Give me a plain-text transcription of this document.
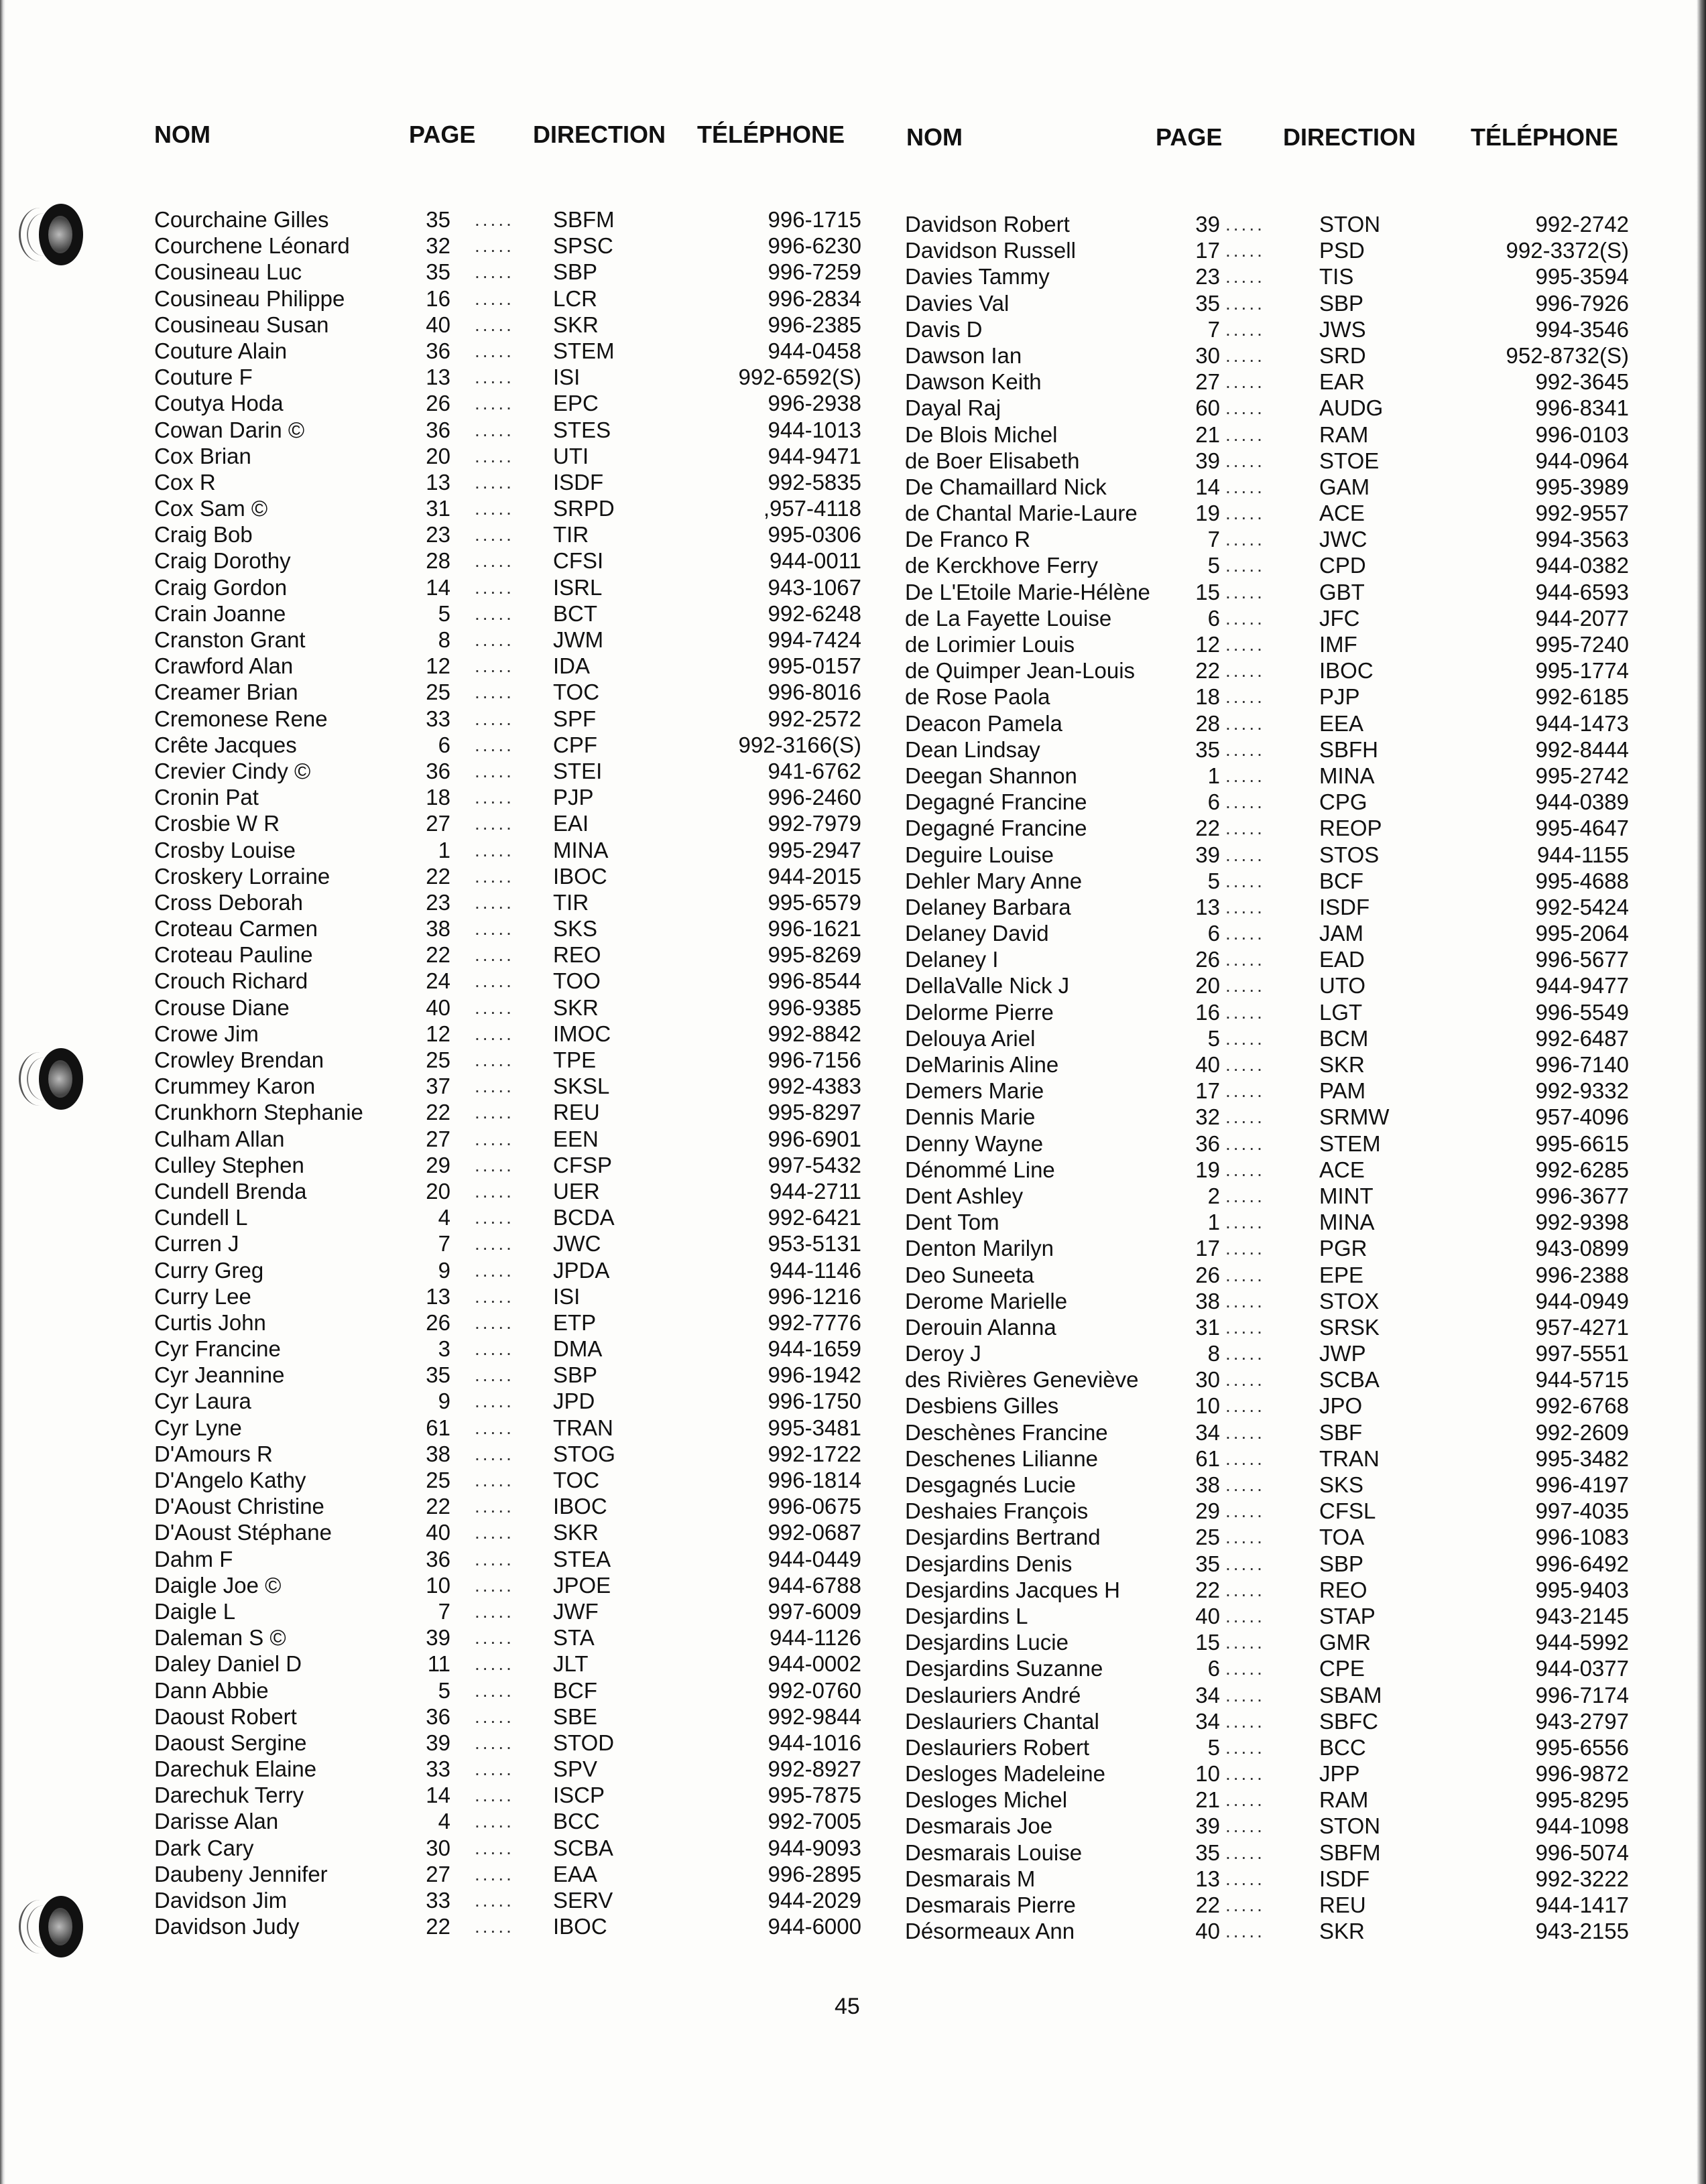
NOM	PAGE DIRECTION TÉLÉPHONE	NOM	PAGE	DIRECTION TÉLÉPHONE
Courchaine Gilles	35	SBFM	996-1715
.....
Courchene Léonard	32	SPSC	996-6230
.....
Cousineau Luc	35	SBP	996-7259
.....
Cousineau Philippe	16	LCR	996-2834
.....
Cousineau Susan	40	SKR	996-2385
.....
Couture Alain	36	STEM	944-0458
.....
Couture F	13	ISI	992-6592(S)
.....
Coutya Hoda	26	EPC	996-2938
.....
Cowan Darin ©	36	STES	944-1013
.....
Cox Brian	20	UTI	944-9471
.....
Cox R	13	ISDF	992-5835
.....
Cox Sam ©	31	SRPD	,957-4118
.....
Craig Bob	23	TIR	995-0306
.....
Craig Dorothy	28	CFSI	944-0011
.....
Craig Gordon	14	ISRL	943-1067
.....
Crain Joanne	5	BCT	992-6248
.....
Cranston Grant	8	JWM	994-7424
.....
Crawford Alan	12	IDA	995-0157
.....
Creamer Brian	25	TOC	996-8016
.....
Cremonese Rene	33	SPF	992-2572
.....
Crête Jacques	6	CPF	992-3166(S)
.....
Crevier Cindy ©	36	STEI	941-6762
.....
Cronin Pat	18	PJP	996-2460
.....
Crosbie W R	27	EAI	992-7979
.....
Crosby Louise	1	MINA	995-2947
.....
Croskery Lorraine	22	IBOC	944-2015
.....
Cross Deborah	23	TIR	995-6579
.....
Croteau Carmen	38	SKS	996-1621
.....
Croteau Pauline	22	REO	995-8269
.....
Crouch Richard	24	TOO	996-8544
.....
Crouse Diane	40	SKR	996-9385
.....
Crowe Jim	12	IMOC	992-8842
.....
Crowley Brendan	25	TPE	996-7156
.....
Crummey Karon	37	SKSL	992-4383
.....
Crunkhorn Stephanie	22	REU	995-8297
.....
Culham Allan	27	EEN	996-6901
.....
Culley Stephen	29	CFSP	997-5432
.....
Cundell Brenda	20	UER	944-2711
.....
Cundell L	4	BCDA	992-6421
.....
Curren J	7	JWC	953-5131
.....
Curry Greg	9	JPDA	944-1146
.....
Curry Lee	13	ISI	996-1216
.....
Curtis John	26	ETP	992-7776
.....
Cyr Francine	3	DMA	944-1659
.....
Cyr Jeannine	35	SBP	996-1942
.....
Cyr Laura	9	JPD	996-1750
.....
Cyr Lyne	61	TRAN	995-3481
.....
D'Amours R	38	STOG	992-1722
.....
D'Angelo Kathy	25	TOC	996-1814
.....
D'Aoust Christine	22	IBOC	996-0675
.....
D'Aoust Stéphane	40	SKR	992-0687
.....
Dahm F	36	STEA	944-0449
.....
Daigle Joe ©	10	JPOE	944-6788
.....
Daigle L	7	JWF	997-6009
.....
Daleman S ©	39	STA	944-1126
.....
Daley Daniel D	11	JLT	944-0002
.....
Dann Abbie	5	BCF	992-0760
.....
Daoust Robert	36	SBE	992-9844
.....
Daoust Sergine	39	STOD	944-1016
.....
Darechuk Elaine	33	SPV	992-8927
.....
Darechuk Terry	14	ISCP	995-7875
.....
Darisse Alan	4	BCC	992-7005
.....
Dark Cary	30	SCBA	944-9093
.....
Daubeny Jennifer	27	EAA	996-2895
.....
Davidson Jim	33	SERV	944-2029
.....
Davidson Judy	22	IBOC	944-6000
.....
Davidson Robert	39	STON	992-2742
.....
Davidson Russell	17	PSD	992-3372(S)
.....
Davies Tammy	23	TIS	995-3594
.....
Davies Val	35	SBP	996-7926
.....
Davis D	7	JWS	994-3546
.....
Dawson Ian	30	SRD	952-8732(S)
.....
Dawson Keith	27	EAR	992-3645
.....
Dayal Raj	60	AUDG	996-8341
.....
De Blois Michel	21	RAM	996-0103
.....
de Boer Elisabeth	39	STOE	944-0964
.....
De Chamaillard Nick	14	GAM	995-3989
.....
de Chantal Marie-Laure	19	ACE	992-9557
.....
De Franco R	7	JWC	994-3563
.....
de Kerckhove Ferry	5	CPD	944-0382
.....
De L'Etoile Marie-Hélène	15	GBT	944-6593
.....
de La Fayette Louise	6	JFC	944-2077
.....
de Lorimier Louis	12	IMF	995-7240
.....
de Quimper Jean-Louis	22	IBOC	995-1774
.....
de Rose Paola	18	PJP	992-6185
.....
Deacon Pamela	28	EEA	944-1473
.....
Dean Lindsay	35	SBFH	992-8444
.....
Deegan Shannon	1	MINA	995-2742
.....
Degagné Francine	6	CPG	944-0389
.....
Degagné Francine	22	REOP	995-4647
.....
Deguire Louise	39	STOS	944-1155
.....
Dehler Mary Anne	5	BCF	995-4688
.....
Delaney Barbara	13	ISDF	992-5424
.....
Delaney David	6	JAM	995-2064
.....
Delaney I	26	EAD	996-5677
.....
DellaValle Nick J	20	UTO	944-9477
.....
Delorme Pierre	16	LGT	996-5549
.....
Delouya Ariel	5	BCM	992-6487
.....
DeMarinis Aline	40	SKR	996-7140
.....
Demers Marie	17	PAM	992-9332
.....
Dennis Marie	32	SRMW	957-4096
.....
Denny Wayne	36	STEM	995-6615
.....
Dénommé Line	19	ACE	992-6285
.....
Dent Ashley	2	MINT	996-3677
.....
Dent Tom	1	MINA	992-9398
.....
Denton Marilyn	17	PGR	943-0899
.....
Deo Suneeta	26	EPE	996-2388
.....
Derome Marielle	38	STOX	944-0949
.....
Derouin Alanna	31	SRSK	957-4271
.....
Deroy J	8	JWP	997-5551
.....
des Rivières Geneviève	30	SCBA	944-5715
.....
Desbiens Gilles	10	JPO	992-6768
.....
Deschènes Francine	34	SBF	992-2609
.....
Deschenes Lilianne	61	TRAN	995-3482
.....
Desgagnés Lucie	38	SKS	996-4197
.....
Deshaies François	29	CFSL	997-4035
.....
Desjardins Bertrand	25	TOA	996-1083
.....
Desjardins Denis	35	SBP	996-6492
.....
Desjardins Jacques H	22	REO	995-9403
.....
Desjardins L	40	STAP	943-2145
.....
Desjardins Lucie	15	GMR	944-5992
.....
Desjardins Suzanne	6	CPE	944-0377
.....
Deslauriers André	34	SBAM	996-7174
.....
Deslauriers Chantal	34	SBFC	943-2797
.....
Deslauriers Robert	5	BCC	995-6556
.....
Desloges Madeleine	10	JPP	996-9872
.....
Desloges Michel	21	RAM	995-8295
.....
Desmarais Joe	39	STON	944-1098
.....
Desmarais Louise	35	SBFM	996-5074
.....
Desmarais M	13	ISDF	992-3222
.....
Desmarais Pierre	22	REU	944-1417
.....
Désormeaux Ann	40	SKR	943-2155
.....
45
